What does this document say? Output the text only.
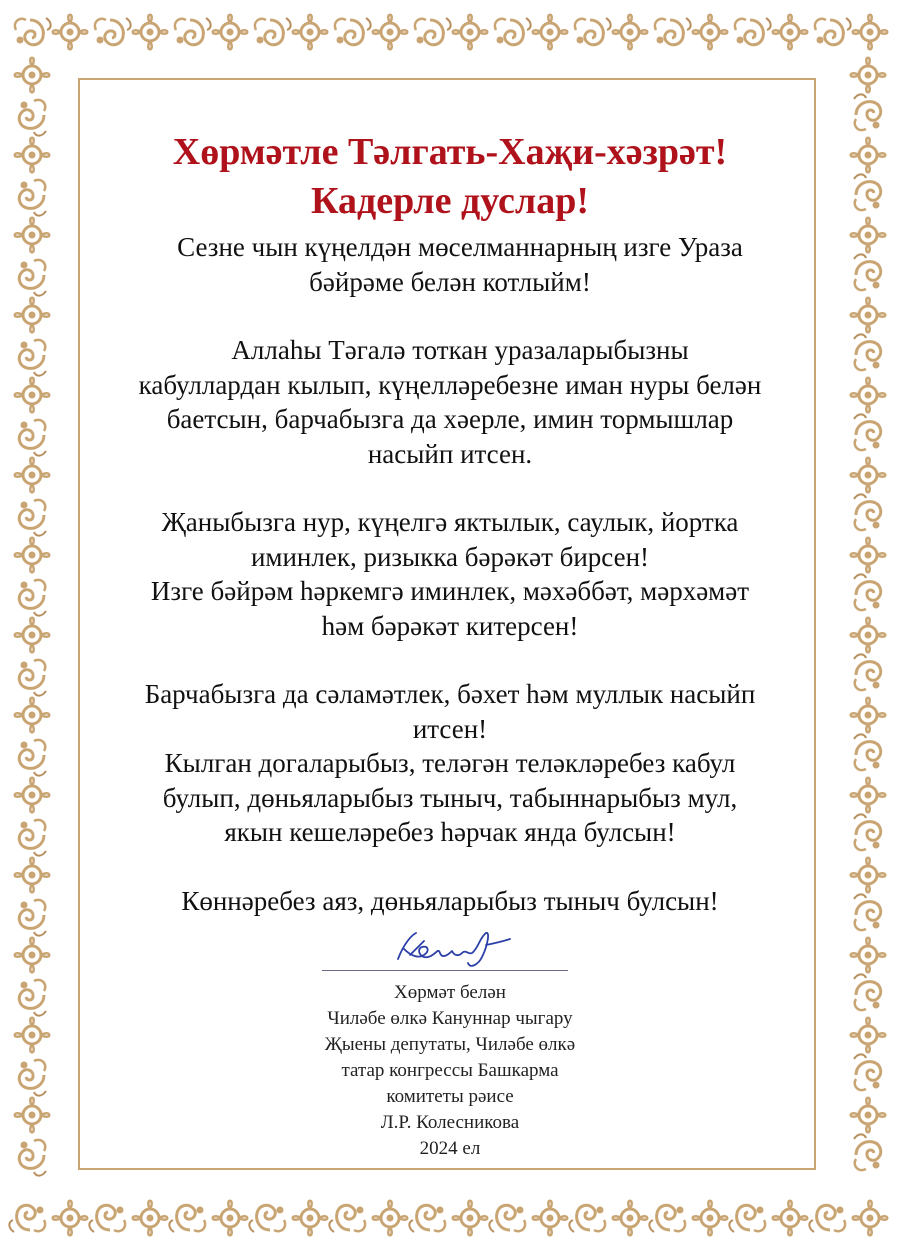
Хөрмәтле Тәлгать-Хаҗи-хәзрәт!
Кадерле дуслар!

Сезне чын күңелдән мөселманнарның изге Ураза
бәйрәме белән котлыйм!

Аллаһы Тәгалә тоткан уразаларыбызны
кабуллардан кылып, күңелләребезне иман нуры белән
баетсын, барчабызга да хәерле, имин тормышлар
насыйп итсен.

Җаныбызга нур, күңелгә яктылык, саулык, йортка
иминлек, ризыкка бәрәкәт бирсен!
Изге бәйрәм һәркемгә иминлек, мәхәббәт, мәрхәмәт
һәм бәрәкәт китерсен!

Барчабызга да сәламәтлек, бәхет һәм муллык насыйп
итсен!
Кылган догаларыбыз, теләгән теләкләребез кабул
булып, дөньяларыбыз тыныч, табыннарыбыз мул,
якын кешеләребез һәрчак янда булсын!

Көннәребез аяз, дөньяларыбыз тыныч булсын!

Хөрмәт белән
Чиләбе өлкә Кануннар чыгару
Җыены депутаты, Чиләбе өлкә
татар конгрессы Башкарма
комитеты рәисе
Л.Р. Колесникова
2024 ел
